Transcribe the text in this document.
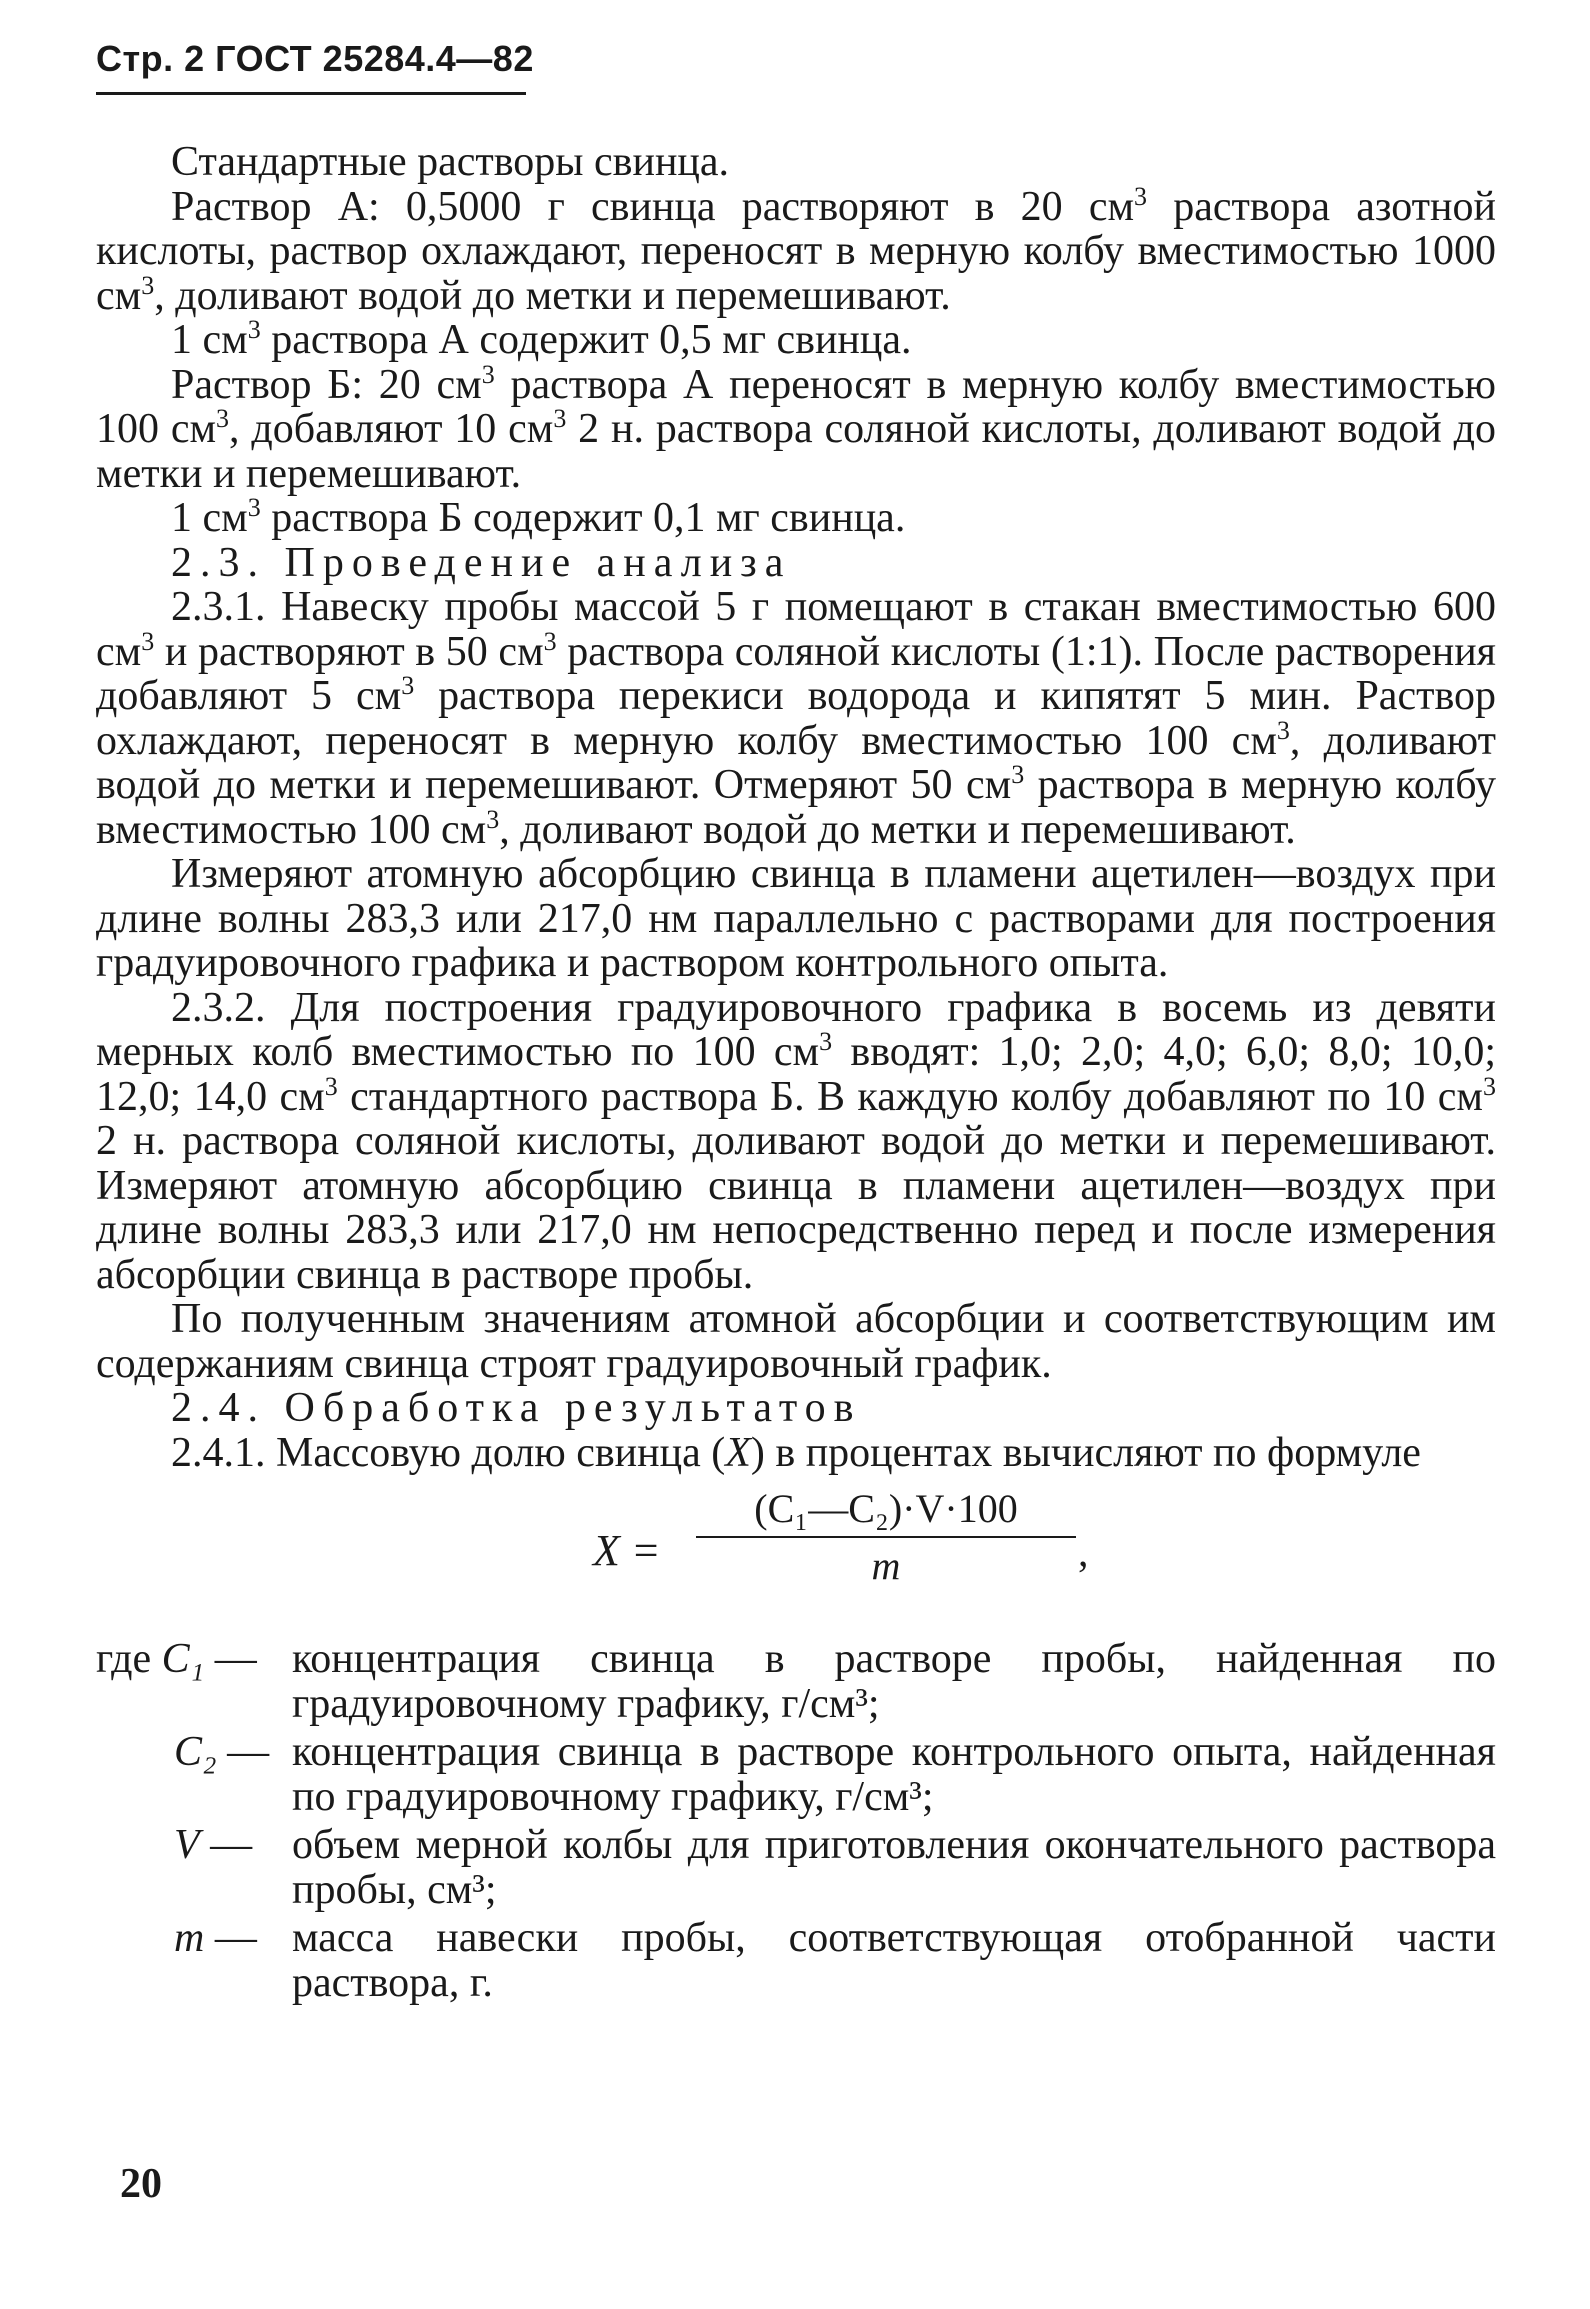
Стр. 2 ГОСТ 25284.4—82

Стандартные растворы свинца.

Раствор А: 0,5000 г свинца растворяют в 20 $см^3$ раствора азотной кислоты, раствор охлаждают, переносят в мерную колбу вместимостью 1000 $см^3$, доливают водой до метки и перемешивают.

1 $см^3$ раствора А содержит 0,5 мг свинца.

Раствор Б: 20 $см^3$ раствора А переносят в мерную колбу вместимостью 100 $см^3$, добавляют 10 $см^3$ 2 н. раствора соляной кислоты, доливают водой до метки и перемешивают.

1 $см^3$ раствора Б содержит 0,1 мг свинца.

2.3. Проведение анализа

2.3.1. Навеску пробы массой 5 г помещают в стакан вместимостью 600 $см^3$ и растворяют в 50 $см^3$ раствора соляной кислоты (1:1). После растворения добавляют 5 $см^3$ раствора перекиси водорода и кипятят 5 мин. Раствор охлаждают, переносят в мерную колбу вместимостью 100 $см^3$, доливают водой до метки и перемешивают. Отмеряют 50 $см^3$ раствора в мерную колбу вместимостью 100 $см^3$, доливают водой до метки и перемешивают.

Измеряют атомную абсорбцию свинца в пламени ацетилен—воздух при длине волны 283,3 или 217,0 нм параллельно с растворами для построения градуировочного графика и раствором контрольного опыта.

2.3.2. Для построения градуировочного графика в восемь из девяти мерных колб вместимостью по 100 $см^3$ вводят: 1,0; 2,0; 4,0; 6,0; 8,0; 10,0; 12,0; 14,0 $см^3$ стандартного раствора Б. В каждую колбу добавляют по 10 $см^3$ 2 н. раствора соляной кислоты, доливают водой до метки и перемешивают. Измеряют атомную абсорбцию свинца в пламени ацетилен—воздух при длине волны 283,3 или 217,0 нм непосредственно перед и после измерения абсорбции свинца в растворе пробы.

По полученным значениям атомной абсорбции и соответствующим им содержаниям свинца строят градуировочный график.

2.4. Обработка результатов

2.4.1. Массовую долю свинца (X) в процентах вычисляют по формуле

X =
(C₁—C₂)·V·100
m	,

где C₁ — концентрация свинца в растворе пробы, найденная по градуировочному графику, г/см³;

C₂ — концентрация свинца в растворе контрольного опыта, найденная по градуировочному графику, г/см³;

V — объем мерной колбы для приготовления окончательного раствора пробы, см³;

m — масса навески пробы, соответствующая отобранной части раствора, г.

20
